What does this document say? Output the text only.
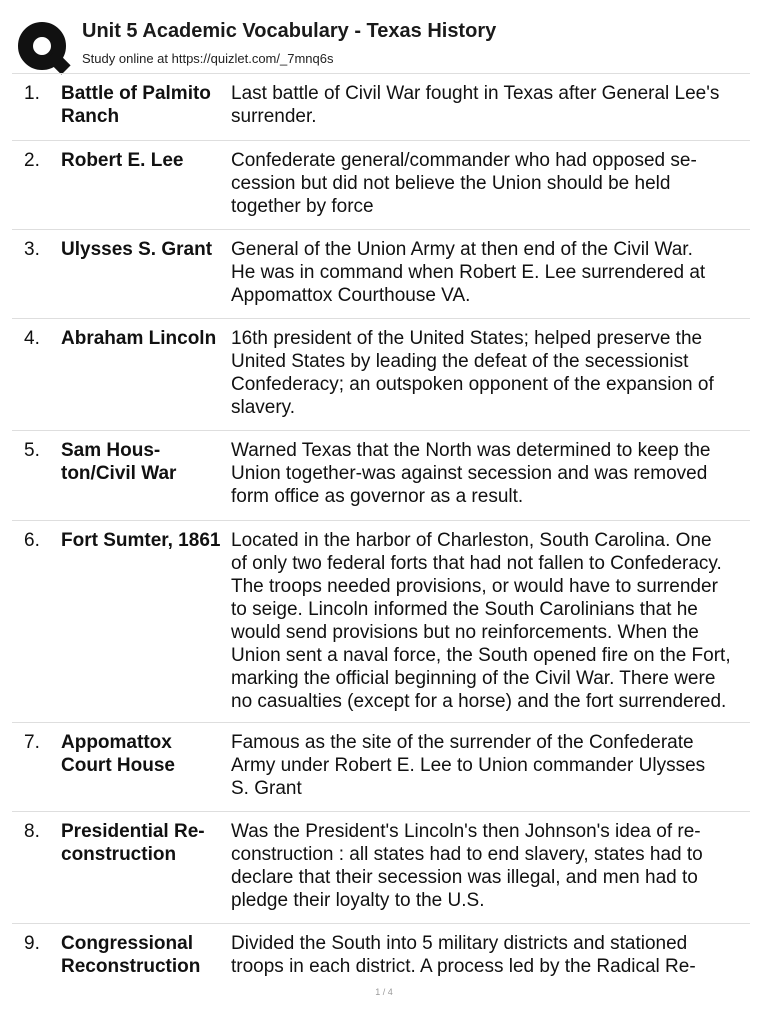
Unit 5 Academic Vocabulary - Texas History
Study online at https://quizlet.com/_7mnq6s
1. Battle of Palmito
Ranch
Last battle of Civil War fought in Texas after General Lee's
surrender.
2. Robert E. Lee	Confederate general/commander who had opposed se-
cession but did not believe the Union should be held
together by force
3. Ulysses S. Grant General of the Union Army at then end of the Civil War.
He was in command when Robert E. Lee surrendered at
Appomattox Courthouse VA.
4. Abraham Lincoln 16th president of the United States; helped preserve the
United States by leading the defeat of the secessionist
Confederacy; an outspoken opponent of the expansion of
slavery.
5. Sam Hous-
ton/Civil War
Warned Texas that the North was determined to keep the
Union together-was against secession and was removed
form office as governor as a result.
6. Fort Sumter, 1861 Located in the harbor of Charleston, South Carolina. One
of only two federal forts that had not fallen to Confederacy.
The troops needed provisions, or would have to surrender
to seige. Lincoln informed the South Carolinians that he
would send provisions but no reinforcements. When the
Union sent a naval force, the South opened fire on the Fort,
marking the official beginning of the Civil War. There were
no casualties (except for a horse) and the fort surrendered.
7. Appomattox
Court House
Famous as the site of the surrender of the Confederate
Army under Robert E. Lee to Union commander Ulysses
S. Grant
8. Presidential Re-
construction
Was the President's Lincoln's then Johnson's idea of re-
construction : all states had to end slavery, states had to
declare that their secession was illegal, and men had to
pledge their loyalty to the U.S.
9. Congressional
Reconstruction
Divided the South into 5 military districts and stationed
troops in each district. A process led by the Radical Re-
1 / 4
